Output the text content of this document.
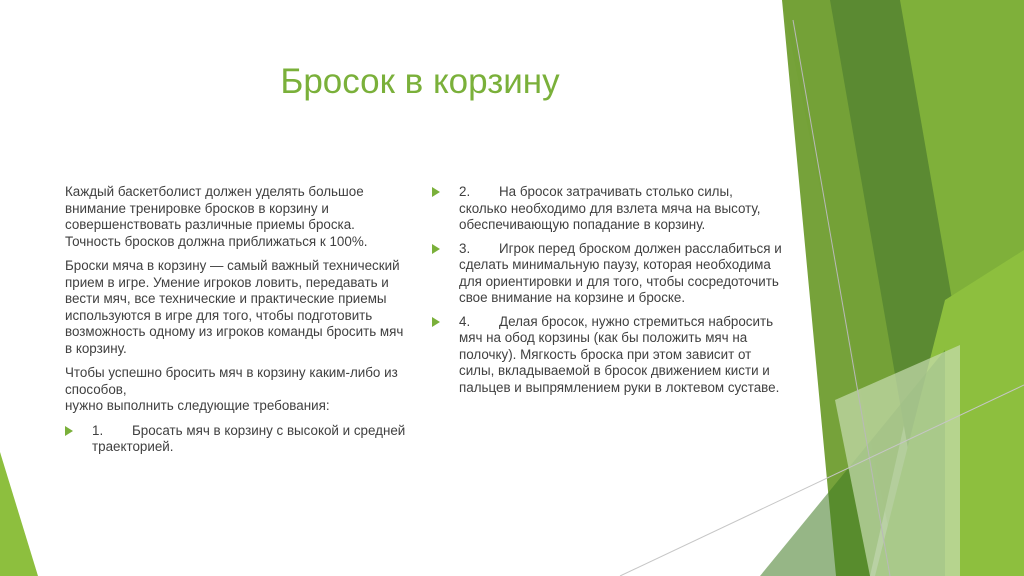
Бросок в корзину

Каждый баскетболист должен уделять большое внимание тренировке бросков в корзину и совершенствовать различные приемы броска. Точность бросков должна приближаться к 100%.

Броски мяча в корзину — самый важный технический прием в игре. Умение игроков ловить, передавать и вести мяч, все технические и практические приемы используются в игре для того, чтобы подготовить возможность одному из игроков команды бросить мяч в корзину.

Чтобы успешно бросить мяч в корзину каким-либо из способов,

нужно выполнить следующие требования:

1. Бросать мяч в корзину с высокой и средней траекторией.
2. На бросок затрачивать столько силы, сколько необходимо для взлета мяча на высоту, обеспечивающую попадание в корзину.
3. Игрок перед броском должен расслабиться и сделать минимальную паузу, которая необходима для ориентировки и для того, чтобы сосредоточить свое внимание на корзине и броске.
4. Делая бросок, нужно стремиться набросить мяч на обод корзины (как бы положить мяч на полочку). Мягкость броска при этом зависит от силы, вкладываемой в бросок движением кисти и пальцев и выпрямлением руки в локтевом суставе.
